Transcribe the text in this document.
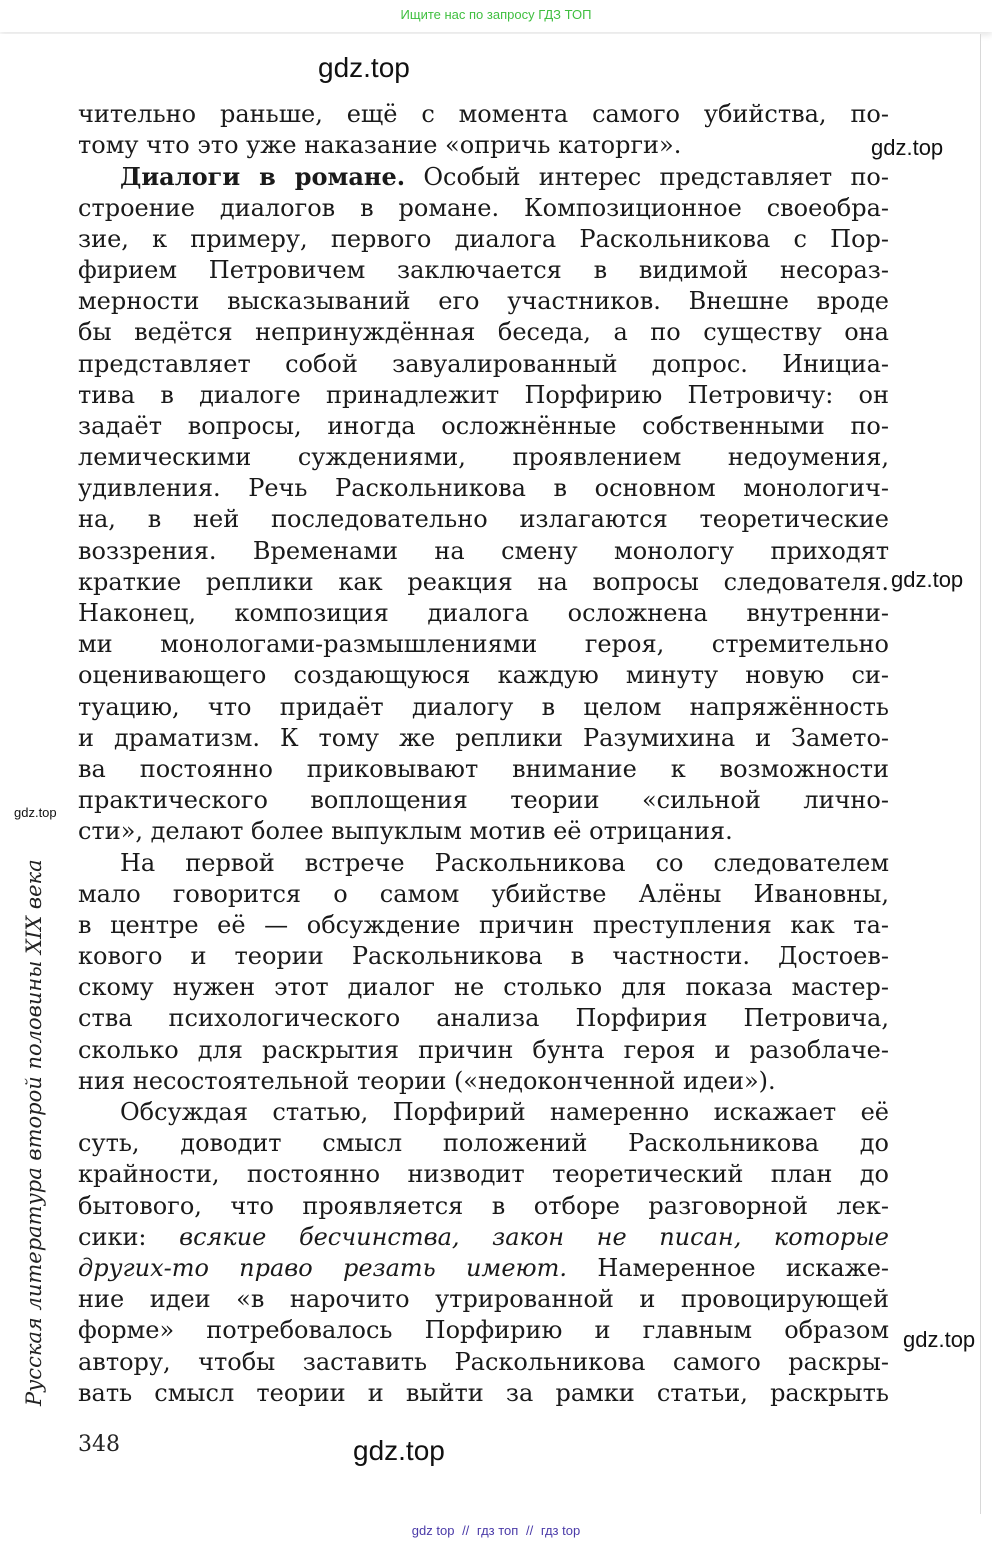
Ищите нас по запросу ГДЗ ТОП
gdz.top
gdz.top
gdz.top
gdz.top
gdz.top
gdz.top
Русская литература второй половины XIX века
чительно раньше, ещё с момента самого убийства, по-
тому что это уже наказание «опричь каторги».
Диалоги в романе. Особый интерес представляет по-
строение диалогов в романе. Композиционное своеобра-
зие, к примеру, первого диалога Раскольникова с Пор-
фирием Петровичем заключается в видимой несораз-
мерности высказываний его участников. Внешне вроде
бы ведётся непринуждённая беседа, а по существу она
представляет собой завуалированный допрос. Инициа-
тива в диалоге принадлежит Порфирию Петровичу: он
задаёт вопросы, иногда осложнённые собственными по-
лемическими суждениями, проявлением недоумения,
удивления. Речь Раскольникова в основном монологич-
на, в ней последовательно излагаются теоретические
воззрения. Временами на смену монологу приходят
краткие реплики как реакция на вопросы следователя.
Наконец, композиция диалога осложнена внутренни-
ми монологами-размышлениями героя, стремительно
оценивающего создающуюся каждую минуту новую си-
туацию, что придаёт диалогу в целом напряжённость
и драматизм. К тому же реплики Разумихина и Замето-
ва постоянно приковывают внимание к возможности
практического воплощения теории «сильной лично-
сти», делают более выпуклым мотив её отрицания.
На первой встрече Раскольникова со следователем
мало говорится о самом убийстве Алёны Ивановны,
в центре её — обсуждение причин преступления как та-
кового и теории Раскольникова в частности. Достоев-
скому нужен этот диалог не столько для показа мастер-
ства психологического анализа Порфирия Петровича,
сколько для раскрытия причин бунта героя и разоблаче-
ния несостоятельной теории («недоконченной идеи»).
Обсуждая статью, Порфирий намеренно искажает её
суть, доводит смысл положений Раскольникова до
крайности, постоянно низводит теоретический план до
бытового, что проявляется в отборе разговорной лек-
сики: всякие бесчинства, закон не писан, которые
других-то право резать имеют. Намеренное искаже-
ние идеи «в нарочито утрированной и провоцирующей
форме» потребовалось Порфирию и главным образом
автору, чтобы заставить Раскольникова самого раскры-
вать смысл теории и выйти за рамки статьи, раскрыть
348
gdz top // гдз топ // гдз top
